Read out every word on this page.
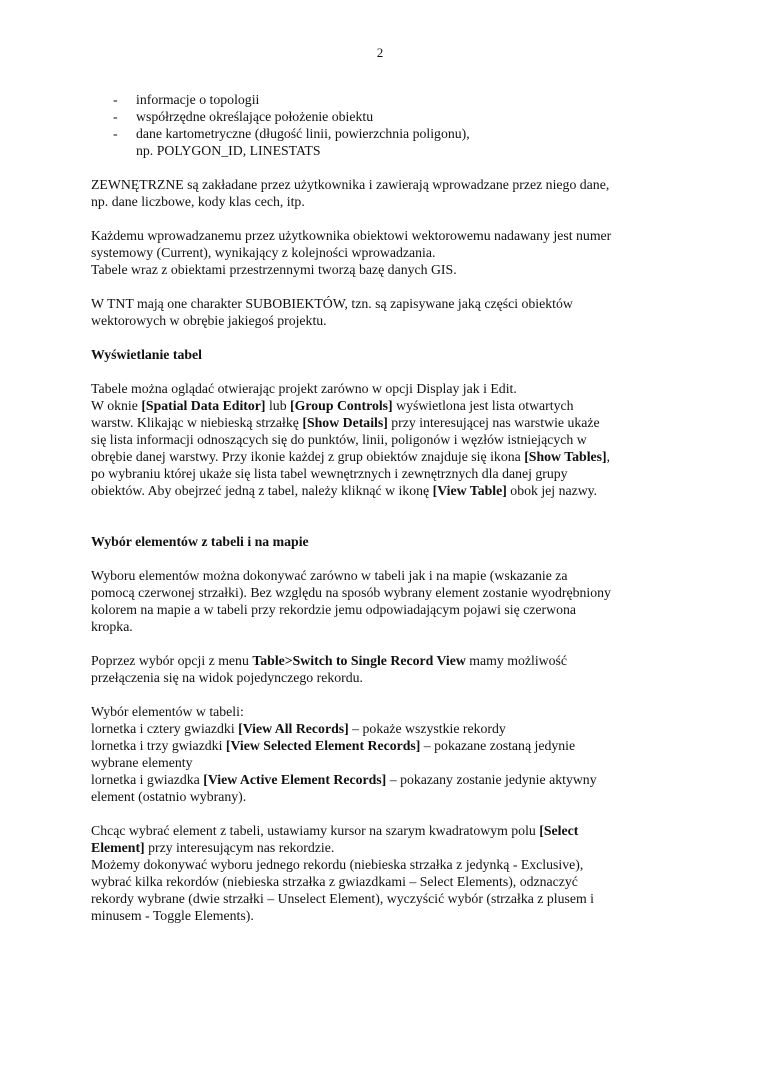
2
- informacje o topologii
- współrzędne określające położenie obiektu
- dane kartometryczne (długość linii, powierzchnia poligonu),
np. POLYGON_ID, LINESTATS

ZEWNĘTRZNE są zakładane przez użytkownika i zawierają wprowadzane przez niego dane,
np. dane liczbowe, kody klas cech, itp.

Każdemu wprowadzanemu przez użytkownika obiektowi wektorowemu nadawany jest numer
systemowy (Current), wynikający z kolejności wprowadzania.
Tabele wraz z obiektami przestrzennymi tworzą bazę danych GIS.

W TNT mają one charakter SUBOBIEKTÓW, tzn. są zapisywane jaką części obiektów
wektorowych w obrębie jakiegoś projektu.

Wyświetlanie tabel

Tabele można oglądać otwierając projekt zarówno w opcji Display jak i Edit.
W oknie [Spatial Data Editor] lub [Group Controls] wyświetlona jest lista otwartych
warstw. Klikając w niebieską strzałkę [Show Details] przy interesującej nas warstwie ukaże
się lista informacji odnoszących się do punktów, linii, poligonów i węzłów istniejących w
obrębie danej warstwy. Przy ikonie każdej z grup obiektów znajduje się ikona [Show Tables],
po wybraniu której ukaże się lista tabel wewnętrznych i zewnętrznych dla danej grupy
obiektów. Aby obejrzeć jedną z tabel, należy kliknąć w ikonę [View Table] obok jej nazwy.

Wybór elementów z tabeli i na mapie

Wyboru elementów można dokonywać zarówno w tabeli jak i na mapie (wskazanie za
pomocą czerwonej strzałki). Bez względu na sposób wybrany element zostanie wyodrębniony
kolorem na mapie a w tabeli przy rekordzie jemu odpowiadającym pojawi się czerwona
kropka.

Poprzez wybór opcji z menu Table>Switch to Single Record View mamy możliwość
przełączenia się na widok pojedynczego rekordu.

Wybór elementów w tabeli:
lornetka i cztery gwiazdki [View All Records] – pokaże wszystkie rekordy
lornetka i trzy gwiazdki [View Selected Element Records] – pokazane zostaną jedynie
wybrane elementy
lornetka i gwiazdka [View Active Element Records] – pokazany zostanie jedynie aktywny
element (ostatnio wybrany).

Chcąc wybrać element z tabeli, ustawiamy kursor na szarym kwadratowym polu [Select
Element] przy interesującym nas rekordzie.
Możemy dokonywać wyboru jednego rekordu (niebieska strzałka z jedynką - Exclusive),
wybrać kilka rekordów (niebieska strzałka z gwiazdkami – Select Elements), odznaczyć
rekordy wybrane (dwie strzałki – Unselect Element), wyczyścić wybór (strzałka z plusem i
minusem - Toggle Elements).
